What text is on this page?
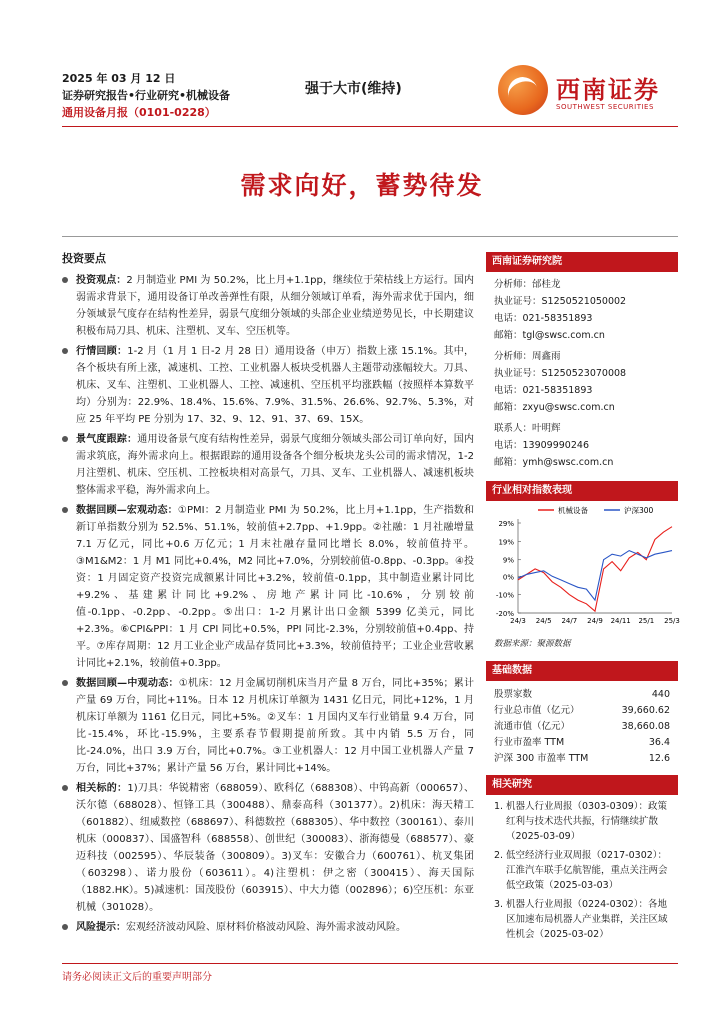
2025 年 03 月 12 日
证券研究报告•行业研究•机械设备
通用设备月报（0101-0228）
强于大市(维持)	西南证券
SOUTHWEST SECURITIES
需求向好，蓄势待发
投资要点
投资观点：2 月制造业 PMI 为 50.2%，比上月+1.1pp，继续位于荣枯线上方运行。国内弱需求背景下，通用设备订单改善弹性有限，从细分领域订单看，海外需求优于国内，细分领域景气度存在结构性差异，弱景气度细分领域的头部企业业绩逆势见长，中长期建议积极布局刀具、机床、注塑机、叉车、空压机等。
行情回顾：1-2 月（1 月 1 日-2 月 28 日）通用设备（申万）指数上涨 15.1%。其中，各个板块有所上涨，减速机、工控、工业机器人板块受机器人主题带动涨幅较大。刀具、机床、叉车、注塑机、工业机器人、工控、减速机、空压机平均涨跌幅（按照样本算数平均）分别为：22.9%、18.4%、15.6%、7.9%、31.5%、26.6%、92.7%、5.3%，对应 25 年平均 PE 分别为 17、32、9、12、91、37、69、15X。
景气度跟踪：通用设备景气度有结构性差异，弱景气度细分领域头部公司订单向好，国内需求筑底，海外需求向上。根据跟踪的通用设备各个细分板块龙头公司的需求情况，1-2 月注塑机、机床、空压机、工控板块相对高景气，刀具、叉车、工业机器人、减速机板块整体需求平稳，海外需求向上。
数据回顾—宏观动态：①PMI：2 月制造业 PMI 为 50.2%，比上月+1.1pp，生产指数和新订单指数分别为 52.5%、51.1%，较前值+2.7pp、+1.9pp。②社融：1 月社融增量 7.1 万亿元，同比+0.6 万亿元；1 月末社融存量同比增长 8.0%，较前值持平。③M1&M2：1 月 M1 同比+0.4%，M2 同比+7.0%，分别较前值-0.8pp、-0.3pp。④投资：1 月固定资产投资完成额累计同比+3.2%，较前值-0.1pp，其中制造业累计同比+9.2%、基建累计同比+9.2%、房地产累计同比-10.6%，分别较前值-0.1pp、-0.2pp、-0.2pp。⑤出口：1-2 月累计出口金额 5399 亿美元，同比+2.3%。⑥CPI&PPI：1 月 CPI 同比+0.5%，PPI 同比-2.3%，分别较前值+0.4pp、持平。⑦库存周期：12 月工业企业产成品存货同比+3.3%，较前值持平；工业企业营收累计同比+2.1%，较前值+0.3pp。
数据回顾—中观动态：①机床：12 月金属切削机床当月产量 8 万台，同比+35%；累计产量 69 万台，同比+11%。日本 12 月机床订单额为 1431 亿日元，同比+12%，1 月机床订单额为 1161 亿日元，同比+5%。②叉车：1 月国内叉车行业销量 9.4 万台，同比-15.4%，环比-15.9%，主要系春节假期提前所致。其中内销 5.5 万台，同比-24.0%，出口 3.9 万台，同比+0.7%。③工业机器人：12 月中国工业机器人产量 7 万台，同比+37%；累计产量 56 万台，累计同比+14%。
相关标的：1)刀具：华锐精密（688059）、欧科亿（688308）、中钨高新（000657）、沃尔德（688028）、恒锋工具（300488）、鼎泰高科（301377）。2)机床：海天精工（601882）、纽威数控（688697）、科德数控（688305）、华中数控（300161）、泰川机床（000837）、国盛智科（688558）、创世纪（300083）、浙海德曼（688577）、豪迈科技（002595）、华辰装备（300809）。3)叉车：安徽合力（600761）、杭叉集团（603298）、诺力股份（603611）。4)注塑机：伊之密（300415）、海天国际（1882.HK）。5)减速机：国茂股份（603915）、中大力德（002896）；6)空压机：东亚机械（301028）。
风险提示：宏观经济波动风险、原材料价格波动风险、海外需求波动风险。
西南证券研究院
分析师：邰桂龙
执业证号：S1250521050002
电话：021-58351893
邮箱：tgl@swsc.com.cn
分析师：周鑫雨
执业证号：S1250523070008
电话：021-58351893
邮箱：zxyu@swsc.com.cn
联系人：叶明辉
电话：13909990246
邮箱：ymh@swsc.com.cn
行业相对指数表现
机械设备	沪深300
29%
19%
9%
0%
-10%
-20%
24/3 24/5 24/7 24/9 24/11 25/1 25/3
数据来源：聚源数据
基础数据
股票家数	440
行业总市值（亿元）	39,660.62
流通市值（亿元）	38,660.08
行业市盈率 TTM	36.4
沪深 300 市盈率 TTM	12.6
相关研究
1. 机器人行业周报（0303-0309）：政策红利与技术迭代共振，行情继续扩散（2025-03-09）
2. 低空经济行业双周报（0217-0302）：江淮汽车联手亿航智能，重点关注两会低空政策（2025-03-03）
3. 机器人行业周报（0224-0302）：各地区加速布局机器人产业集群，关注区域性机会（2025-03-02）
请务必阅读正文后的重要声明部分
